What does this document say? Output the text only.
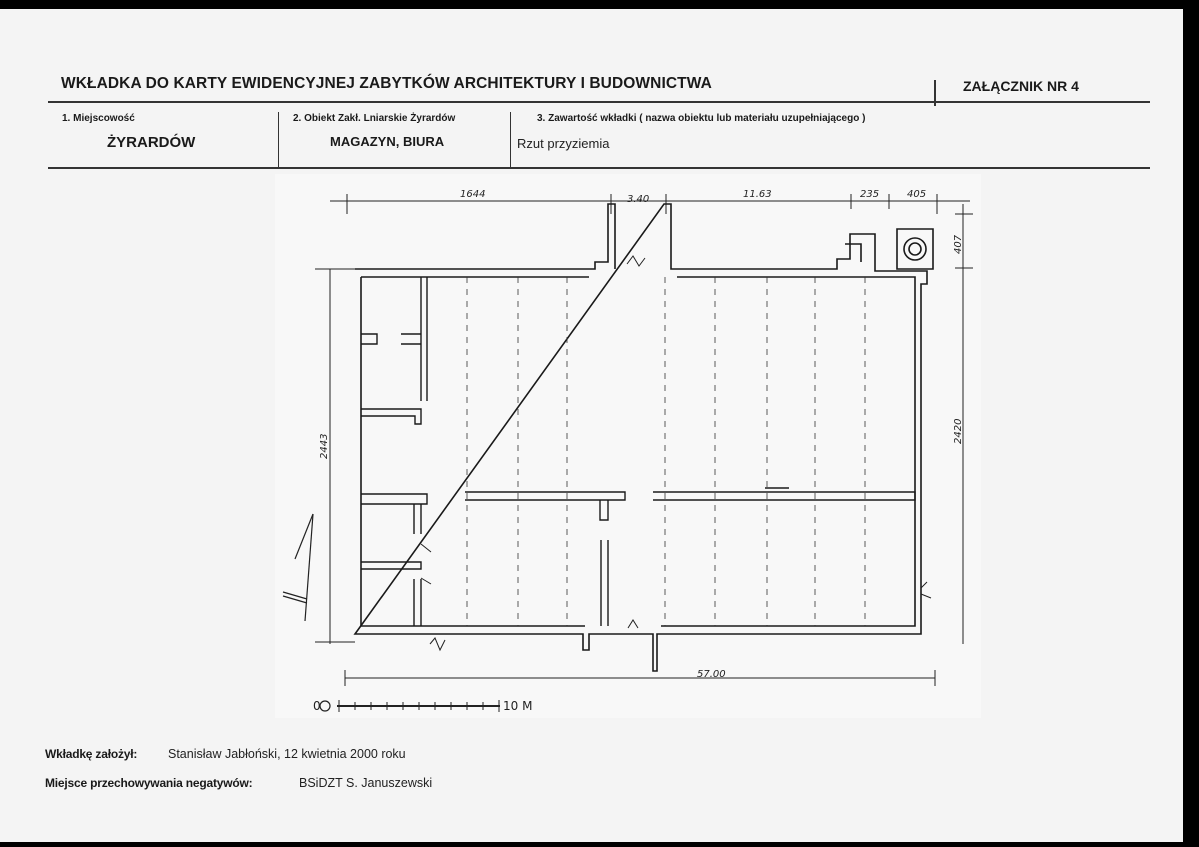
WKŁADKA DO KARTY EWIDENCYJNEJ ZABYTKÓW ARCHITEKTURY I BUDOWNICTWA	ZAŁĄCZNIK NR 4
1. Miejscowość
ŻYRARDÓW
2. Obiekt Zakł. Lniarskie Żyrardów
MAGAZYN, BIURA
3. Zawartość wkładki ( nazwa obiektu lub materiału uzupełniającego )
Rzut przyziemia
1644	3.40	11.63	235	405
407
2420
2443
57.00
0	10 M
Wkładkę założył: Stanisław Jabłoński, 12 kwietnia 2000 roku
Miejsce przechowywania negatywów:	BSiDZT S. Januszewski
